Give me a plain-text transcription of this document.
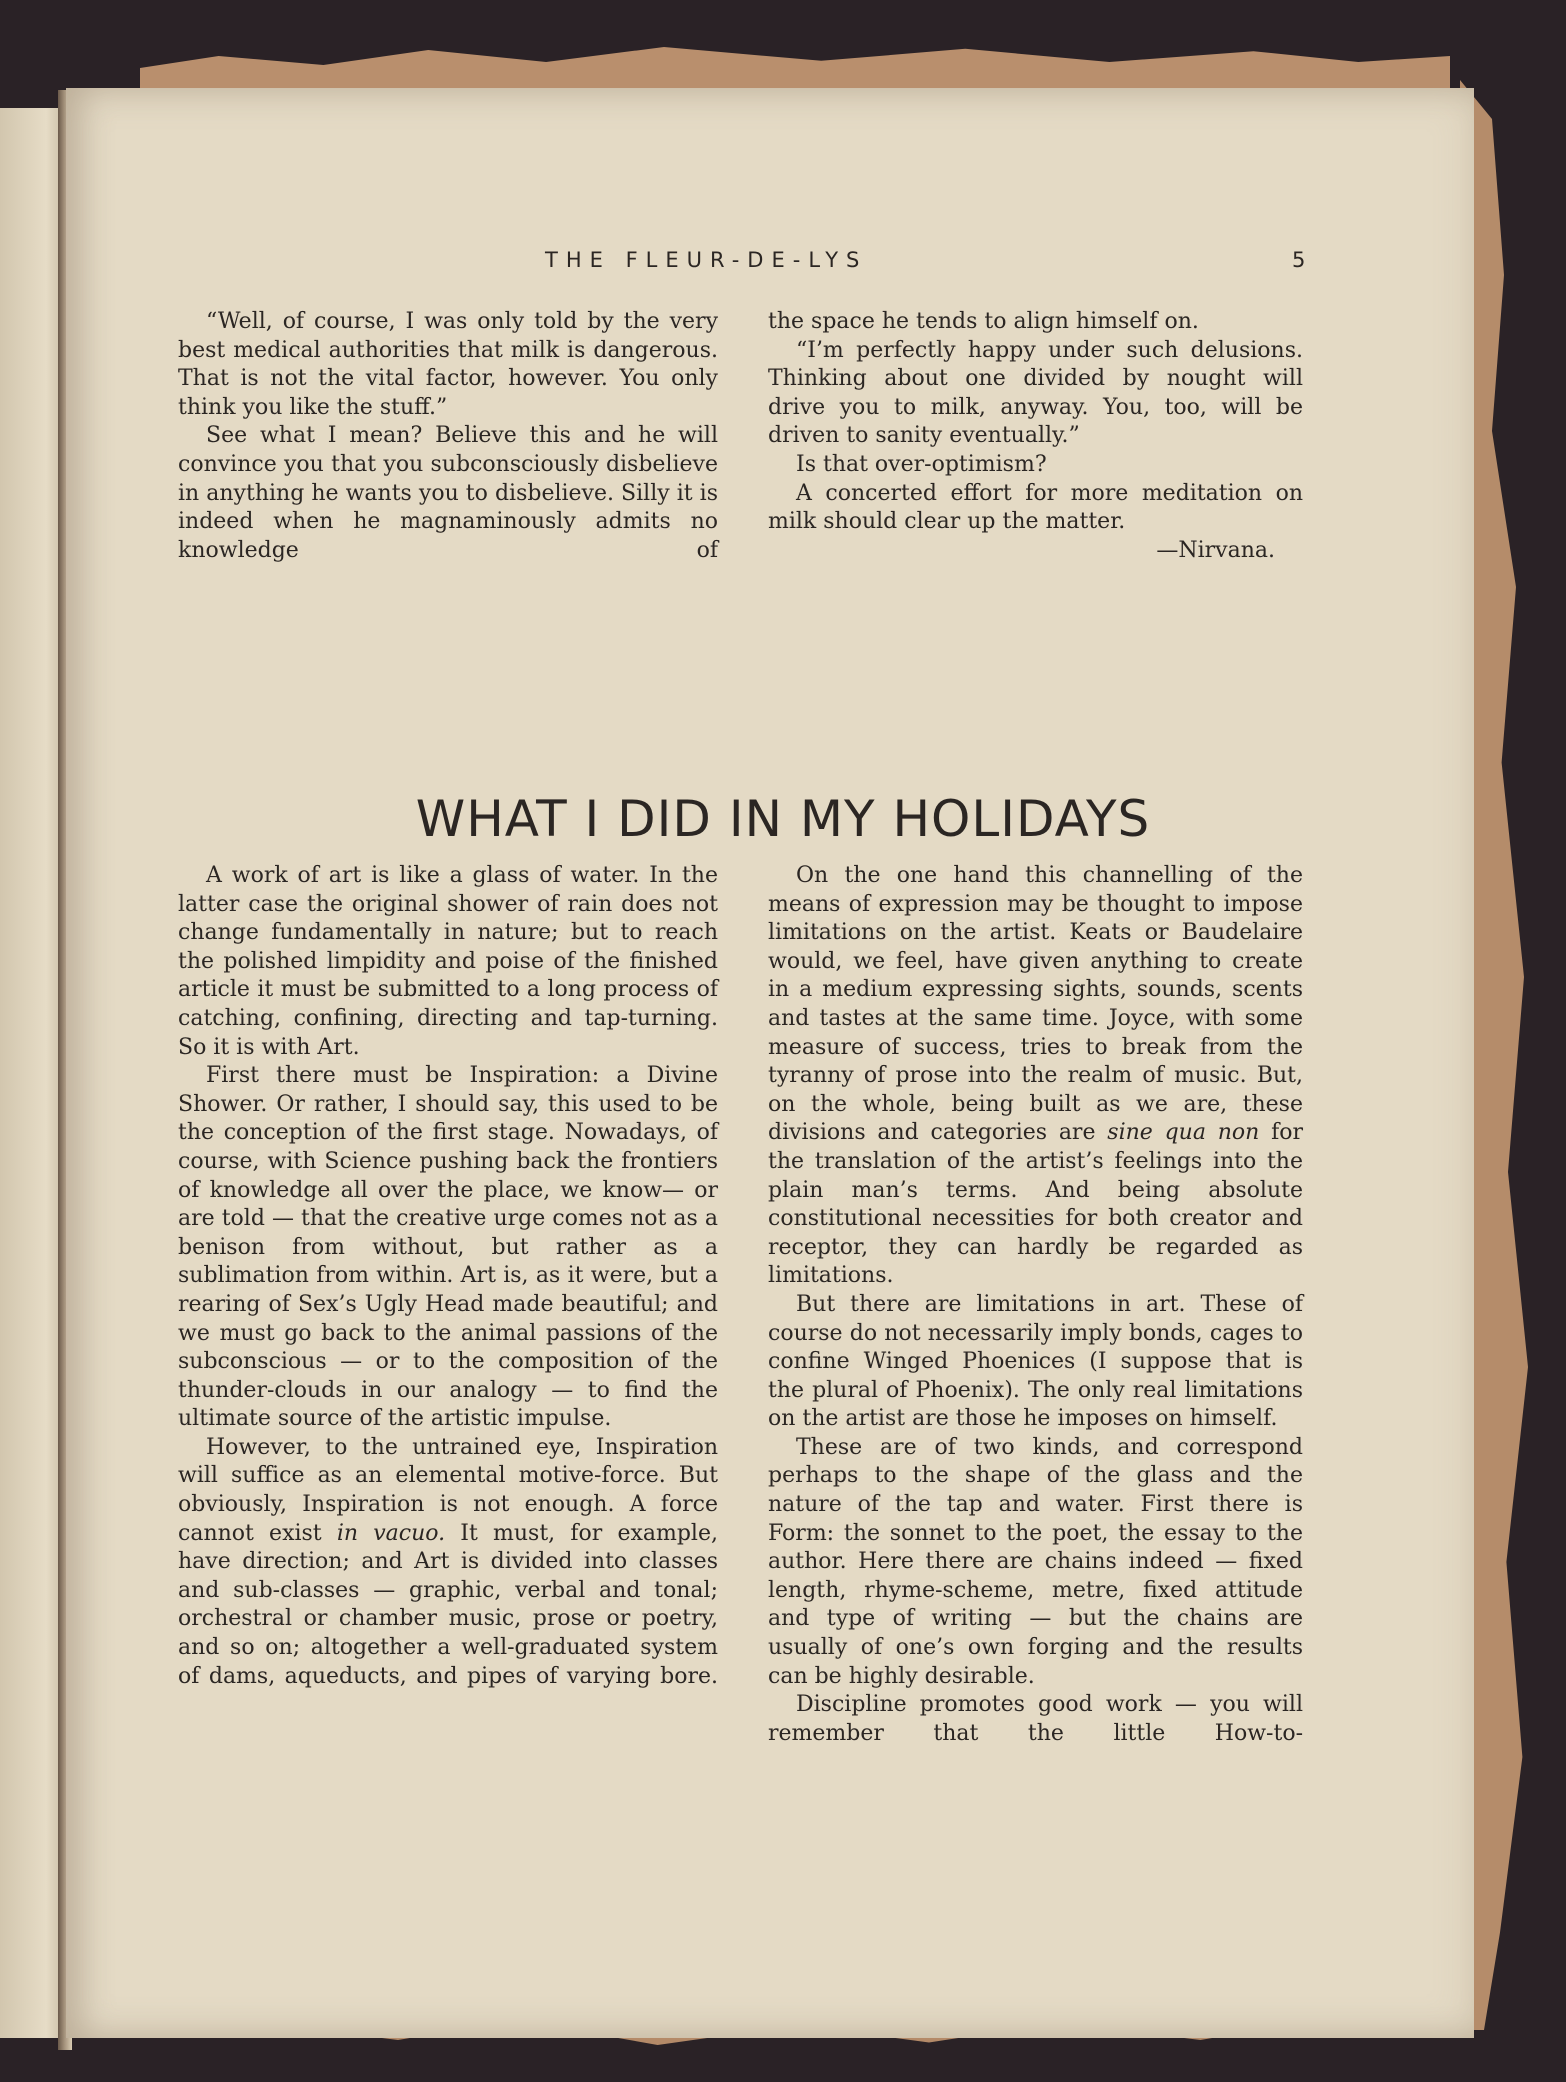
THE FLEUR-DE-LYS	5

“Well, of course, I was only told by the very best medical authorities that milk is dangerous. That is not the vital factor, however. You only think you like the stuff.”

See what I mean? Believe this and he will convince you that you subconsciously disbelieve in anything he wants you to disbelieve. Silly it is indeed when he magnaminously admits no knowledge of

the space he tends to align himself on.

“I’m perfectly happy under such delusions. Thinking about one divided by nought will drive you to milk, anyway. You, too, will be driven to sanity eventually.”

Is that over-optimism?

A concerted effort for more meditation on milk should clear up the matter.

—Nirvana.

WHAT I DID IN MY HOLIDAYS

A work of art is like a glass of water. In the latter case the original shower of rain does not change fundamentally in nature; but to reach the polished limpidity and poise of the finished article it must be submitted to a long process of catching, confining, directing and tap-turning. So it is with Art.

First there must be Inspiration: a Divine Shower. Or rather, I should say, this used to be the conception of the first stage. Nowadays, of course, with Science pushing back the frontiers of knowledge all over the place, we know— or are told — that the creative urge comes not as a benison from without, but rather as a sublimation from within. Art is, as it were, but a rearing of Sex’s Ugly Head made beautiful; and we must go back to the animal passions of the subconscious — or to the composition of the thunder-clouds in our analogy — to find the ultimate source of the artistic impulse.

However, to the untrained eye, Inspiration will suffice as an elemental motive-force. But obviously, Inspiration is not enough. A force cannot exist in vacuo. It must, for example, have direction; and Art is divided into classes and sub-classes — graphic, verbal and tonal; orchestral or chamber music, prose or poetry, and so on; altogether a well-graduated system of dams, aqueducts, and pipes of varying bore.

On the one hand this channelling of the means of expression may be thought to impose limitations on the artist. Keats or Baudelaire would, we feel, have given anything to create in a medium expressing sights, sounds, scents and tastes at the same time. Joyce, with some measure of success, tries to break from the tyranny of prose into the realm of music. But, on the whole, being built as we are, these divisions and categories are sine qua non for the translation of the artist’s feelings into the plain man’s terms. And being absolute constitutional necessities for both creator and receptor, they can hardly be regarded as limitations.

But there are limitations in art. These of course do not necessarily imply bonds, cages to confine Winged Phoenices (I suppose that is the plural of Phoenix). The only real limitations on the artist are those he imposes on himself.

These are of two kinds, and correspond perhaps to the shape of the glass and the nature of the tap and water. First there is Form: the sonnet to the poet, the essay to the author. Here there are chains indeed — fixed length, rhyme-scheme, metre, fixed attitude and type of writing — but the chains are usually of one’s own forging and the results can be highly desirable.

Discipline promotes good work — you will remember that the little How-to-
